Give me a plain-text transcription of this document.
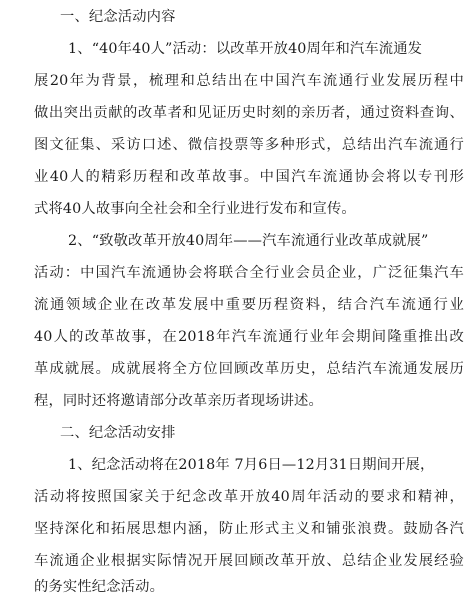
一、纪念活动内容
1、“40年40人”活动：以改革开放40周年和汽车流通发
展20年为背景，梳理和总结出在中国汽车流通行业发展历程中
做出突出贡献的改革者和见证历史时刻的亲历者，通过资料查询、
图文征集、采访口述、微信投票等多种形式，总结出汽车流通行
业40人的精彩历程和改革故事。中国汽车流通协会将以专刊形
式将40人故事向全社会和全行业进行发布和宣传。
2、“致敬改革开放40周年——汽车流通行业改革成就展”
活动：中国汽车流通协会将联合全行业会员企业，广泛征集汽车
流通领域企业在改革发展中重要历程资料，结合汽车流通行业
40人的改革故事，在2018年汽车流通行业年会期间隆重推出改
革成就展。成就展将全方位回顾改革历史，总结汽车流通发展历
程，同时还将邀请部分改革亲历者现场讲述。
二、纪念活动安排
1、纪念活动将在2018年 7月6日—12月31日期间开展，
活动将按照国家关于纪念改革开放40周年活动的要求和精神，
坚持深化和拓展思想内涵，防止形式主义和铺张浪费。鼓励各汽
车流通企业根据实际情况开展回顾改革开放、总结企业发展经验
的务实性纪念活动。
